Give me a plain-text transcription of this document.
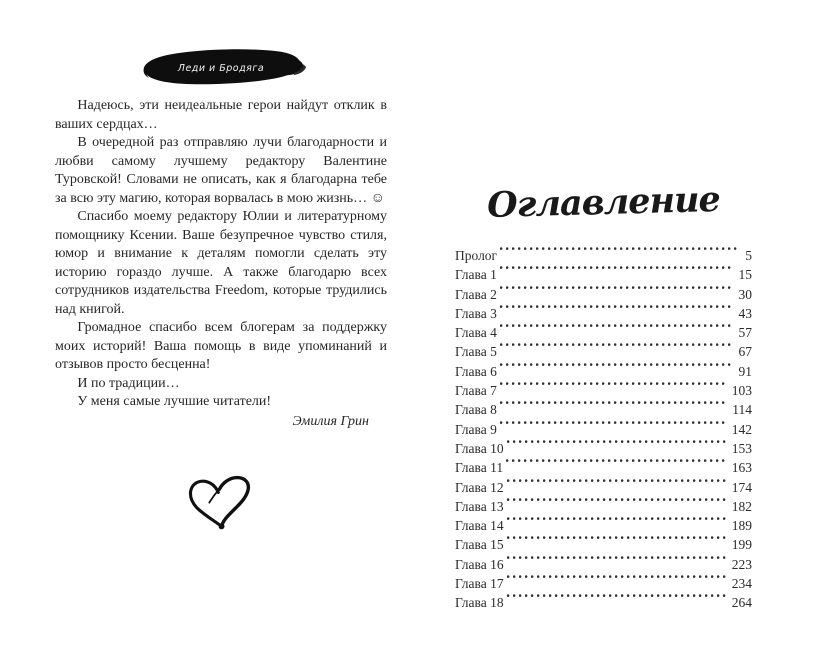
Леди и Бродяга

Надеюсь, эти неидеальные герои найдут отклик в ваших сердцах…

В очередной раз отправляю лучи благодарности и любви самому лучшему редактору Валентине Туровской! Словами не описать, как я благодарна тебе за всю эту магию, которая ворвалась в мою жизнь… ☺

Спасибо моему редактору Юлии и литературному помощнику Ксении. Ваше безупречное чувство стиля, юмор и внимание к деталям помогли сделать эту историю гораздо лучше. А также благодарю всех сотрудников издательства Freedom, которые трудились над книгой.

Громадное спасибо всем блогерам за поддержку моих историй! Ваша помощь в виде упоминаний и отзывов просто бесценна!

И по традиции…

У меня самые лучшие читатели!

Эмилия Грин

Оглавление
Пролог	5
Глава 1	15
Глава 2	30
Глава 3	43
Глава 4	57
Глава 5	67
Глава 6	91
Глава 7	103
Глава 8	114
Глава 9	142
Глава 10	153
Глава 11	163
Глава 12	174
Глава 13	182
Глава 14	189
Глава 15	199
Глава 16	223
Глава 17	234
Глава 18	264
